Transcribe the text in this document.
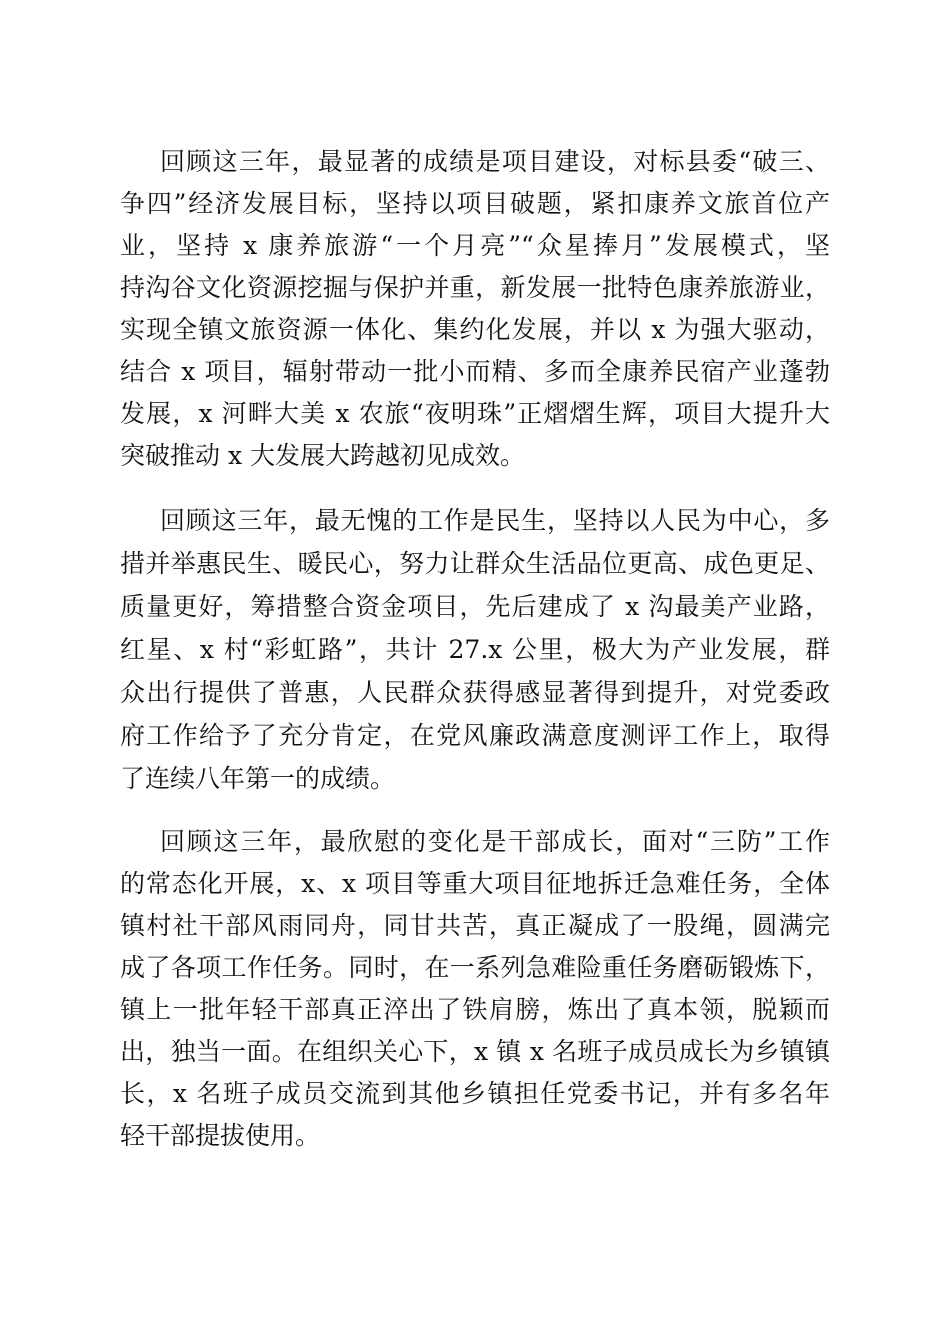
回顾这三年，最显著的成绩是项目建设，对标县委“破三、
争四”经济发展目标，坚持以项目破题，紧扣康养文旅首位产
业，坚持 x 康养旅游“一个月亮”“众星捧月”发展模式，坚
持沟谷文化资源挖掘与保护并重，新发展一批特色康养旅游业，
实现全镇文旅资源一体化、集约化发展，并以 x 为强大驱动，
结合 x 项目，辐射带动一批小而精、多而全康养民宿产业蓬勃
发展，x 河畔大美 x 农旅“夜明珠”正熠熠生辉，项目大提升大
突破推动 x 大发展大跨越初见成效。
回顾这三年，最无愧的工作是民生，坚持以人民为中心，多
措并举惠民生、暖民心，努力让群众生活品位更高、成色更足、
质量更好，筹措整合资金项目，先后建成了 x 沟最美产业路，
红星、x 村“彩虹路”，共计 27.x 公里，极大为产业发展，群
众出行提供了普惠，人民群众获得感显著得到提升，对党委政
府工作给予了充分肯定，在党风廉政满意度测评工作上，取得
了连续八年第一的成绩。
回顾这三年，最欣慰的变化是干部成长，面对“三防”工作
的常态化开展，x、x 项目等重大项目征地拆迁急难任务，全体
镇村社干部风雨同舟，同甘共苦，真正凝成了一股绳，圆满完
成了各项工作任务。同时，在一系列急难险重任务磨砺锻炼下，
镇上一批年轻干部真正淬出了铁肩膀，炼出了真本领，脱颖而
出，独当一面。在组织关心下，x 镇 x 名班子成员成长为乡镇镇
长，x 名班子成员交流到其他乡镇担任党委书记，并有多名年
轻干部提拔使用。
